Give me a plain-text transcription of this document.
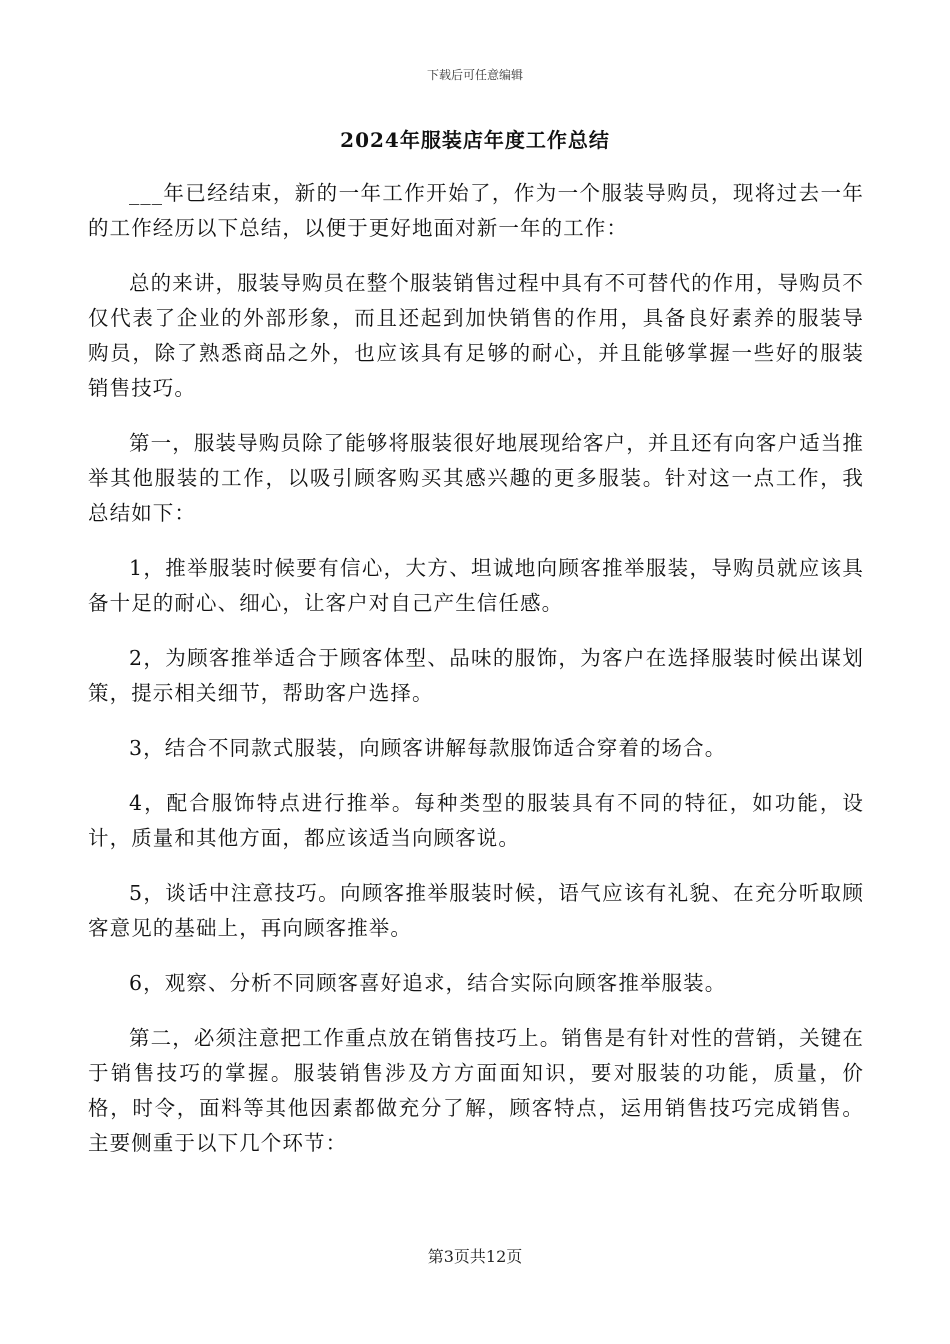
下载后可任意编辑
2024年服装店年度工作总结

___年已经结束，新的一年工作开始了，作为一个服装导购员，现将过去一年的工作经历以下总结，以便于更好地面对新一年的工作：

总的来讲，服装导购员在整个服装销售过程中具有不可替代的作用，导购员不仅代表了企业的外部形象，而且还起到加快销售的作用，具备良好素养的服装导购员，除了熟悉商品之外，也应该具有足够的耐心，并且能够掌握一些好的服装销售技巧。

第一，服装导购员除了能够将服装很好地展现给客户，并且还有向客户适当推举其他服装的工作，以吸引顾客购买其感兴趣的更多服装。针对这一点工作，我总结如下：

1，推举服装时候要有信心，大方、坦诚地向顾客推举服装，导购员就应该具备十足的耐心、细心，让客户对自己产生信任感。

2，为顾客推举适合于顾客体型、品味的服饰，为客户在选择服装时候出谋划策，提示相关细节，帮助客户选择。

3，结合不同款式服装，向顾客讲解每款服饰适合穿着的场合。

4，配合服饰特点进行推举。每种类型的服装具有不同的特征，如功能，设计，质量和其他方面，都应该适当向顾客说。

5，谈话中注意技巧。向顾客推举服装时候，语气应该有礼貌、在充分听取顾客意见的基础上，再向顾客推举。

6，观察、分析不同顾客喜好追求，结合实际向顾客推举服装。

第二，必须注意把工作重点放在销售技巧上。销售是有针对性的营销，关键在于销售技巧的掌握。服装销售涉及方方面面知识，要对服装的功能，质量，价格，时令，面料等其他因素都做充分了解，顾客特点，运用销售技巧完成销售。主要侧重于以下几个环节：

第3页共12页
